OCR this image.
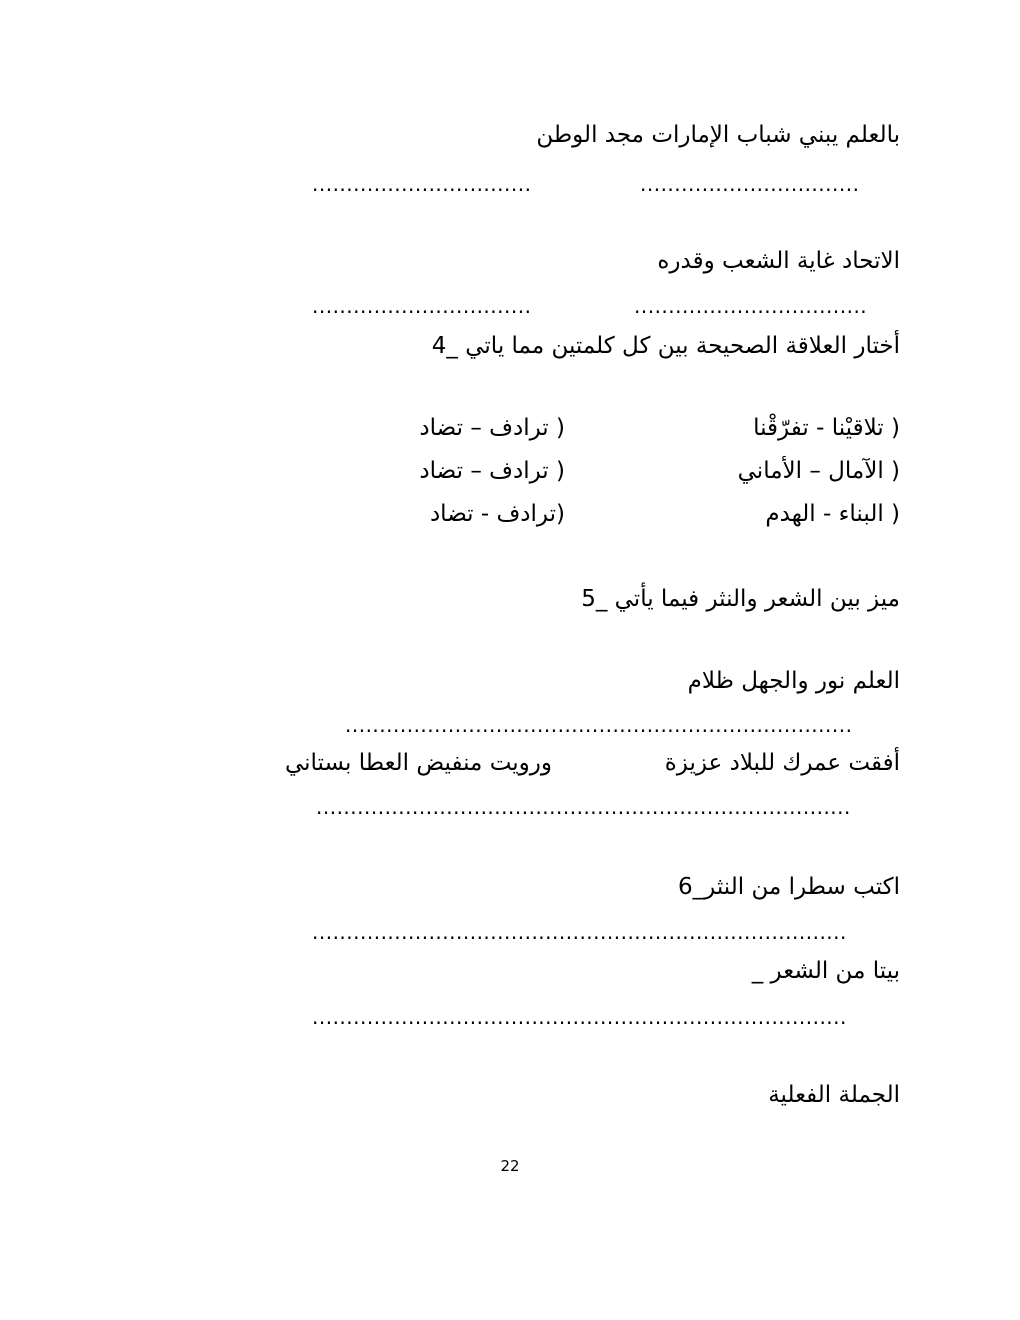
بالعلم يبني شباب الإمارات مجد الوطن
................................	................................
الاتحاد غاية الشعب وقدره
................................	..................................
أختار العلاقة الصحيحة بين كل كلمتين مما ياتي _4
( تلاقيْنا - تفرّقْنا
( ترادف – تضاد
( الآمال – الأماني
( ترادف – تضاد
( البناء - الهدم
(ترادف - تضاد
ميز بين الشعر والنثر فيما يأتي _5
العلم نور والجهل ظلام
..........................................................................
أفقت عمرك للبلاد عزيزة
ورويت منفيض العطا بستاني
..............................................................................
اكتب سطرا من النثر_6
..............................................................................
بيتا من الشعر _
..............................................................................
الجملة الفعلية
22
